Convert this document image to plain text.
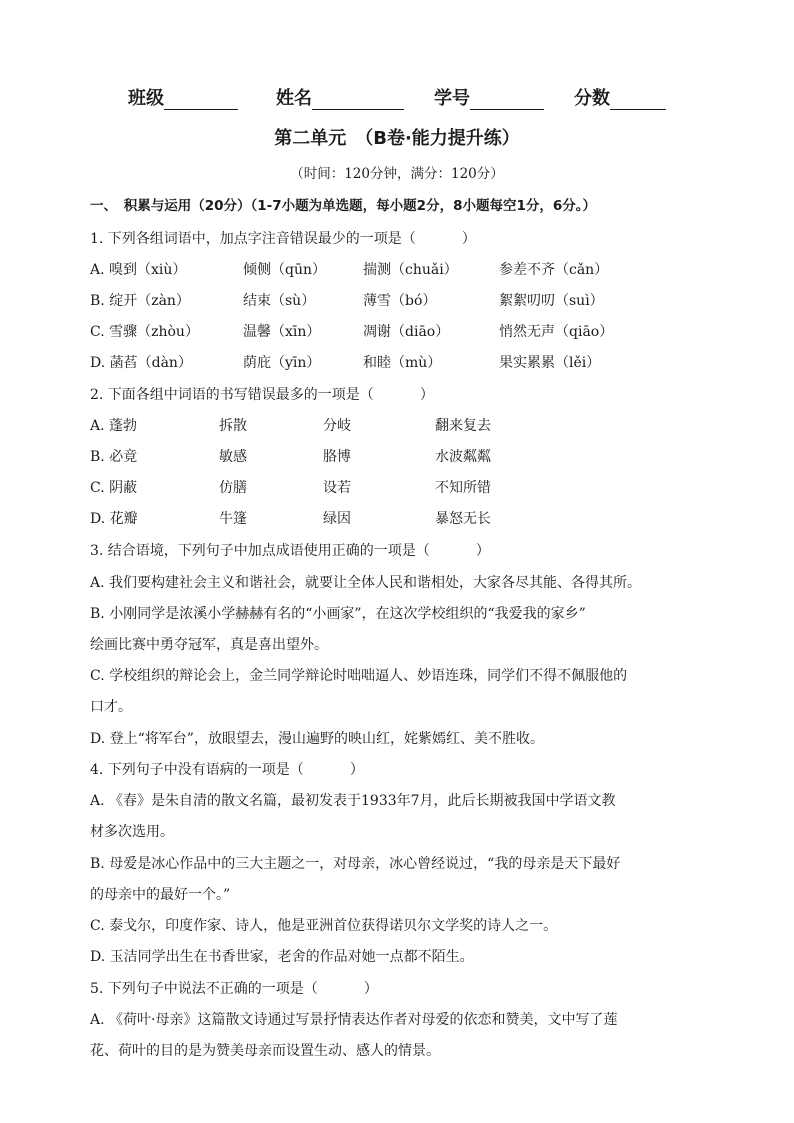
班级	姓名	学号	分数
第二单元　（B卷·能力提升练）
（时间：120分钟，满分：120分）
一、　积累与运用（20分）（1-7小题为单选题，每小题2分，8小题每空1分，6分。）
1. 下列各组词语中，加点字注音错误最少的一项是（	）
A. 嗅到（xiù）	倾侧（qūn）	揣测（chuǎi）	参差不齐（cǎn）
B. 绽开（zàn）	结束（sù）	薄雪（bó）	絮絮叨叨（suì）
C. 雪骤（zhòu）	温馨（xīn）	凋谢（diāo）	悄然无声（qiāo）
D. 菡萏（dàn）	荫庇（yīn）	和睦（mù）	果实累累（lěi）
2. 下面各组中词语的书写错误最多的一项是（	）
A. 蓬勃	拆散	分岐	翻来复去
B. 必竟	敏感	胳博	水波粼粼
C. 阴蔽	仿膳	设若	不知所错
D. 花瓣	牛篷	绿因	暴怒无长
3. 结合语境，下列句子中加点成语使用正确的一项是（	）
A. 我们要构建社会主义和谐社会，就要让全体人民和谐相处，大家各尽其能、各得其所。
B. 小刚同学是浓溪小学赫赫有名的“小画家”，在这次学校组织的“我爱我的家乡”
绘画比赛中勇夺冠军，真是喜出望外。
C. 学校组织的辩论会上，金兰同学辩论时咄咄逼人、妙语连珠，同学们不得不佩服他的
口才。
D. 登上“将军台”，放眼望去，漫山遍野的映山红，姹紫嫣红、美不胜收。
4. 下列句子中没有语病的一项是（	）
A. 《春》是朱自清的散文名篇，最初发表于1933年7月，此后长期被我国中学语文教
材多次选用。
B. 母爱是冰心作品中的三大主题之一，对母亲，冰心曾经说过，“我的母亲是天下最好
的母亲中的最好一个。”
C. 泰戈尔，印度作家、诗人，他是亚洲首位获得诺贝尔文学奖的诗人之一。
D. 玉洁同学出生在书香世家，老舍的作品对她一点都不陌生。
5. 下列句子中说法不正确的一项是（	）
A. 《荷叶·母亲》这篇散文诗通过写景抒情表达作者对母爱的依恋和赞美，文中写了莲
花、荷叶的目的是为赞美母亲而设置生动、感人的情景。
